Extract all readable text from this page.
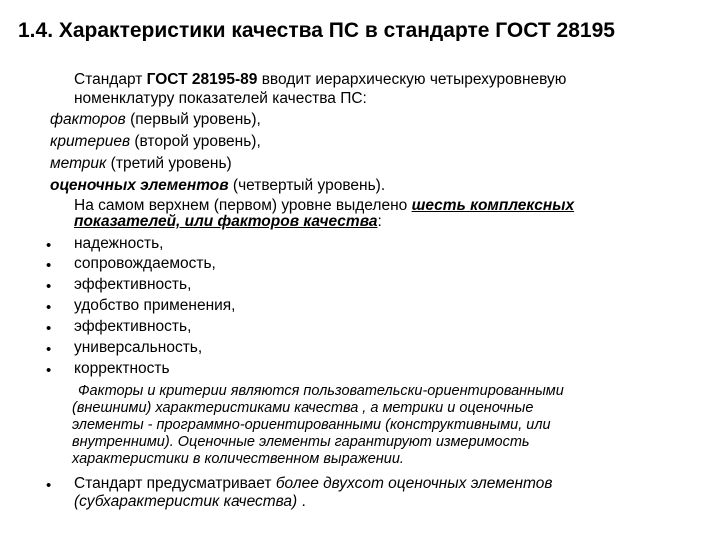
1.4. Характеристики качества ПС в стандарте ГОСТ 28195
Стандарт ГОСТ 28195-89 вводит иерархическую четырехуровневую
номенклатуру показателей качества ПС:
факторов (первый уровень),
критериев (второй уровень),
метрик (третий уровень)
оценочных элементов (четвертый уровень).
На самом верхнем (первом) уровне выделено шесть комплексных
показателей, или факторов качества:
• надежность,
• сопровождаемость,
• эффективность,
• удобство применения,
• эффективность,
• универсальность,
• корректность
Факторы и критерии являются пользовательски-ориентированными
(внешними) характеристиками качества , а метрики и оценочные
элементы - программно-ориентированными (конструктивными, или
внутренними). Оценочные элементы гарантируют измеримость
характеристики в количественном выражении.
• Стандарт предусматривает более двухсот оценочных элементов
(субхарактеристик качества) .
